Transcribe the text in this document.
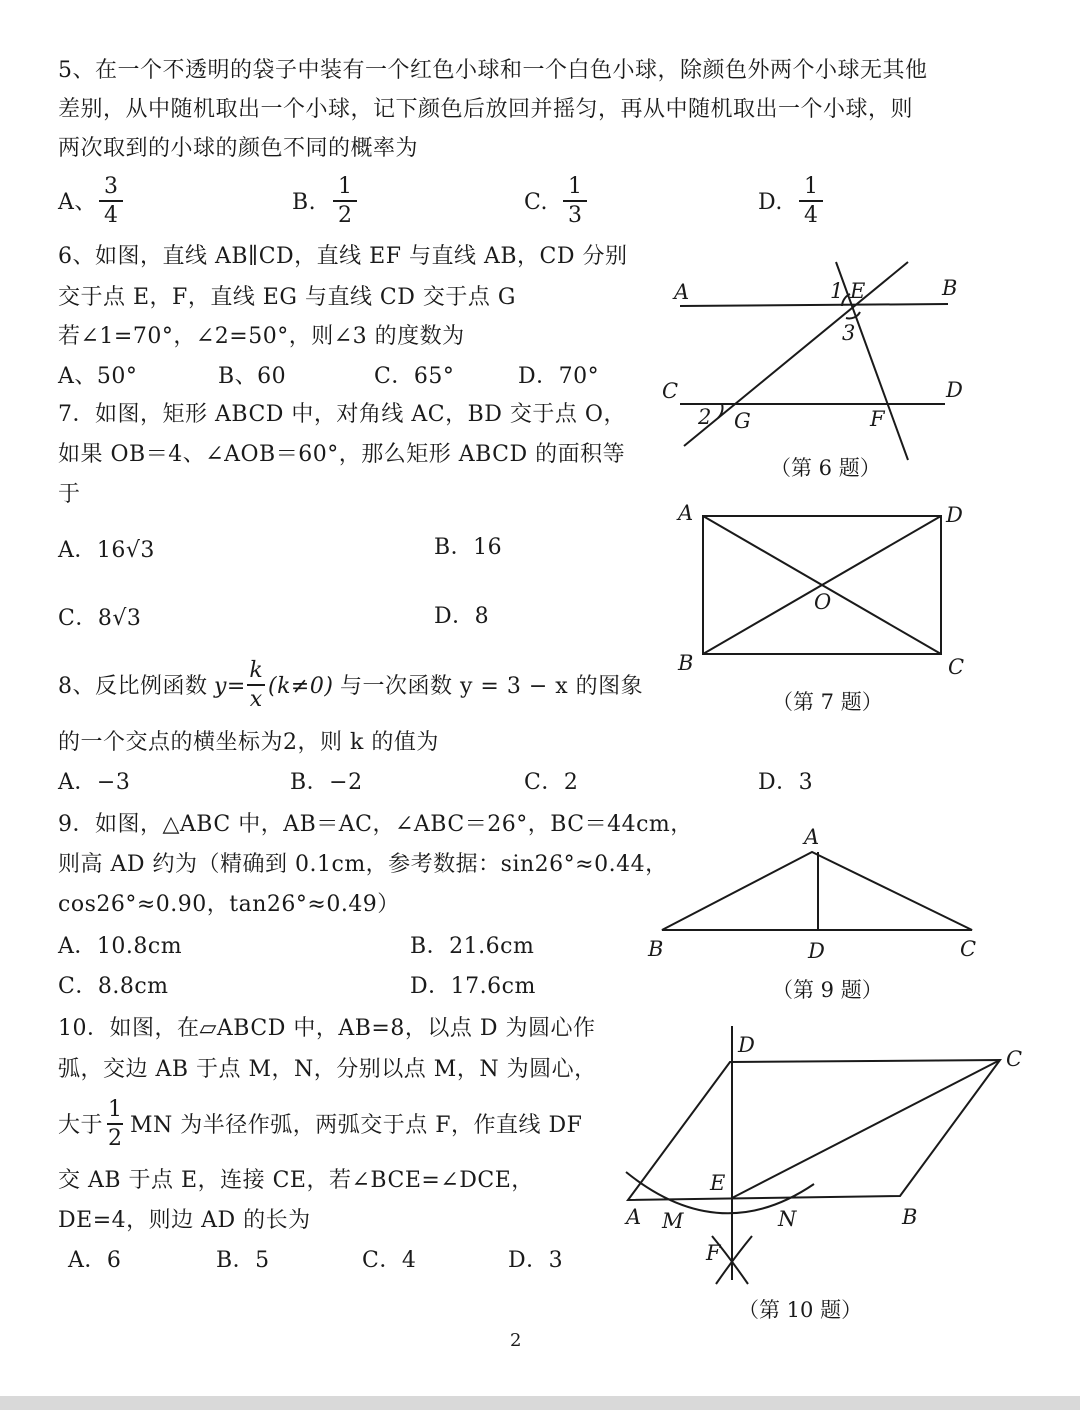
5、在一个不透明的袋子中装有一个红色小球和一个白色小球，除颜色外两个小球无其他
差别，从中随机取出一个小球，记下颜色后放回并摇匀，再从中随机取出一个小球，则
两次取到的小球的颜色不同的概率为
A、
3
4
B.
1
2
C.
1
3
D.
1
4
6、如图，直线 AB∥CD，直线 EF 与直线 AB，CD 分别
交于点 E，F，直线 EG 与直线 CD 交于点 G
若∠1=70°，∠2=50°，则∠3 的度数为
A、50°	B、60	C．65°	D．70°
7．如图，矩形 ABCD 中，对角线 AC，BD 交于点 O，
如果 OB＝4、∠AOB＝60°，那么矩形 ABCD 的面积等
于
A．16√3	B．16
C．8√3	D．8
8、反比例函数 y=
k
x
(k≠0) 与一次函数 y = 3 − x 的图象
的一个交点的横坐标为2，则 k 的值为
A．−3	B．−2	C．2	D．3
9．如图，△ABC 中，AB＝AC，∠ABC＝26°，BC＝44cm，
则高 AD 约为（精确到 0.1cm，参考数据：sin26°≈0.44，
cos26°≈0.90，tan26°≈0.49）
A．10.8cm	B．21.6cm
C．8.8cm	D．17.6cm
10．如图，在▱ABCD 中，AB=8，以点 D 为圆心作
弧，交边 AB 于点 M，N，分别以点 M，N 为圆心，
大于
1
2
MN 为半径作弧，两弧交于点 F，作直线 DF
交 AB 于点 E，连接 CE，若∠BCE=∠DCE，
DE=4，则边 AD 的长为
A．6	B．5	C．4	D．3
A	B
C	D
E
F
G
1
2
3
A	D
B	C
O
A
B	D	C
D
C
E
A M	N	B
F
（第 6 题）
（第 7 题）
（第 9 题）
（第 10 题）
2
